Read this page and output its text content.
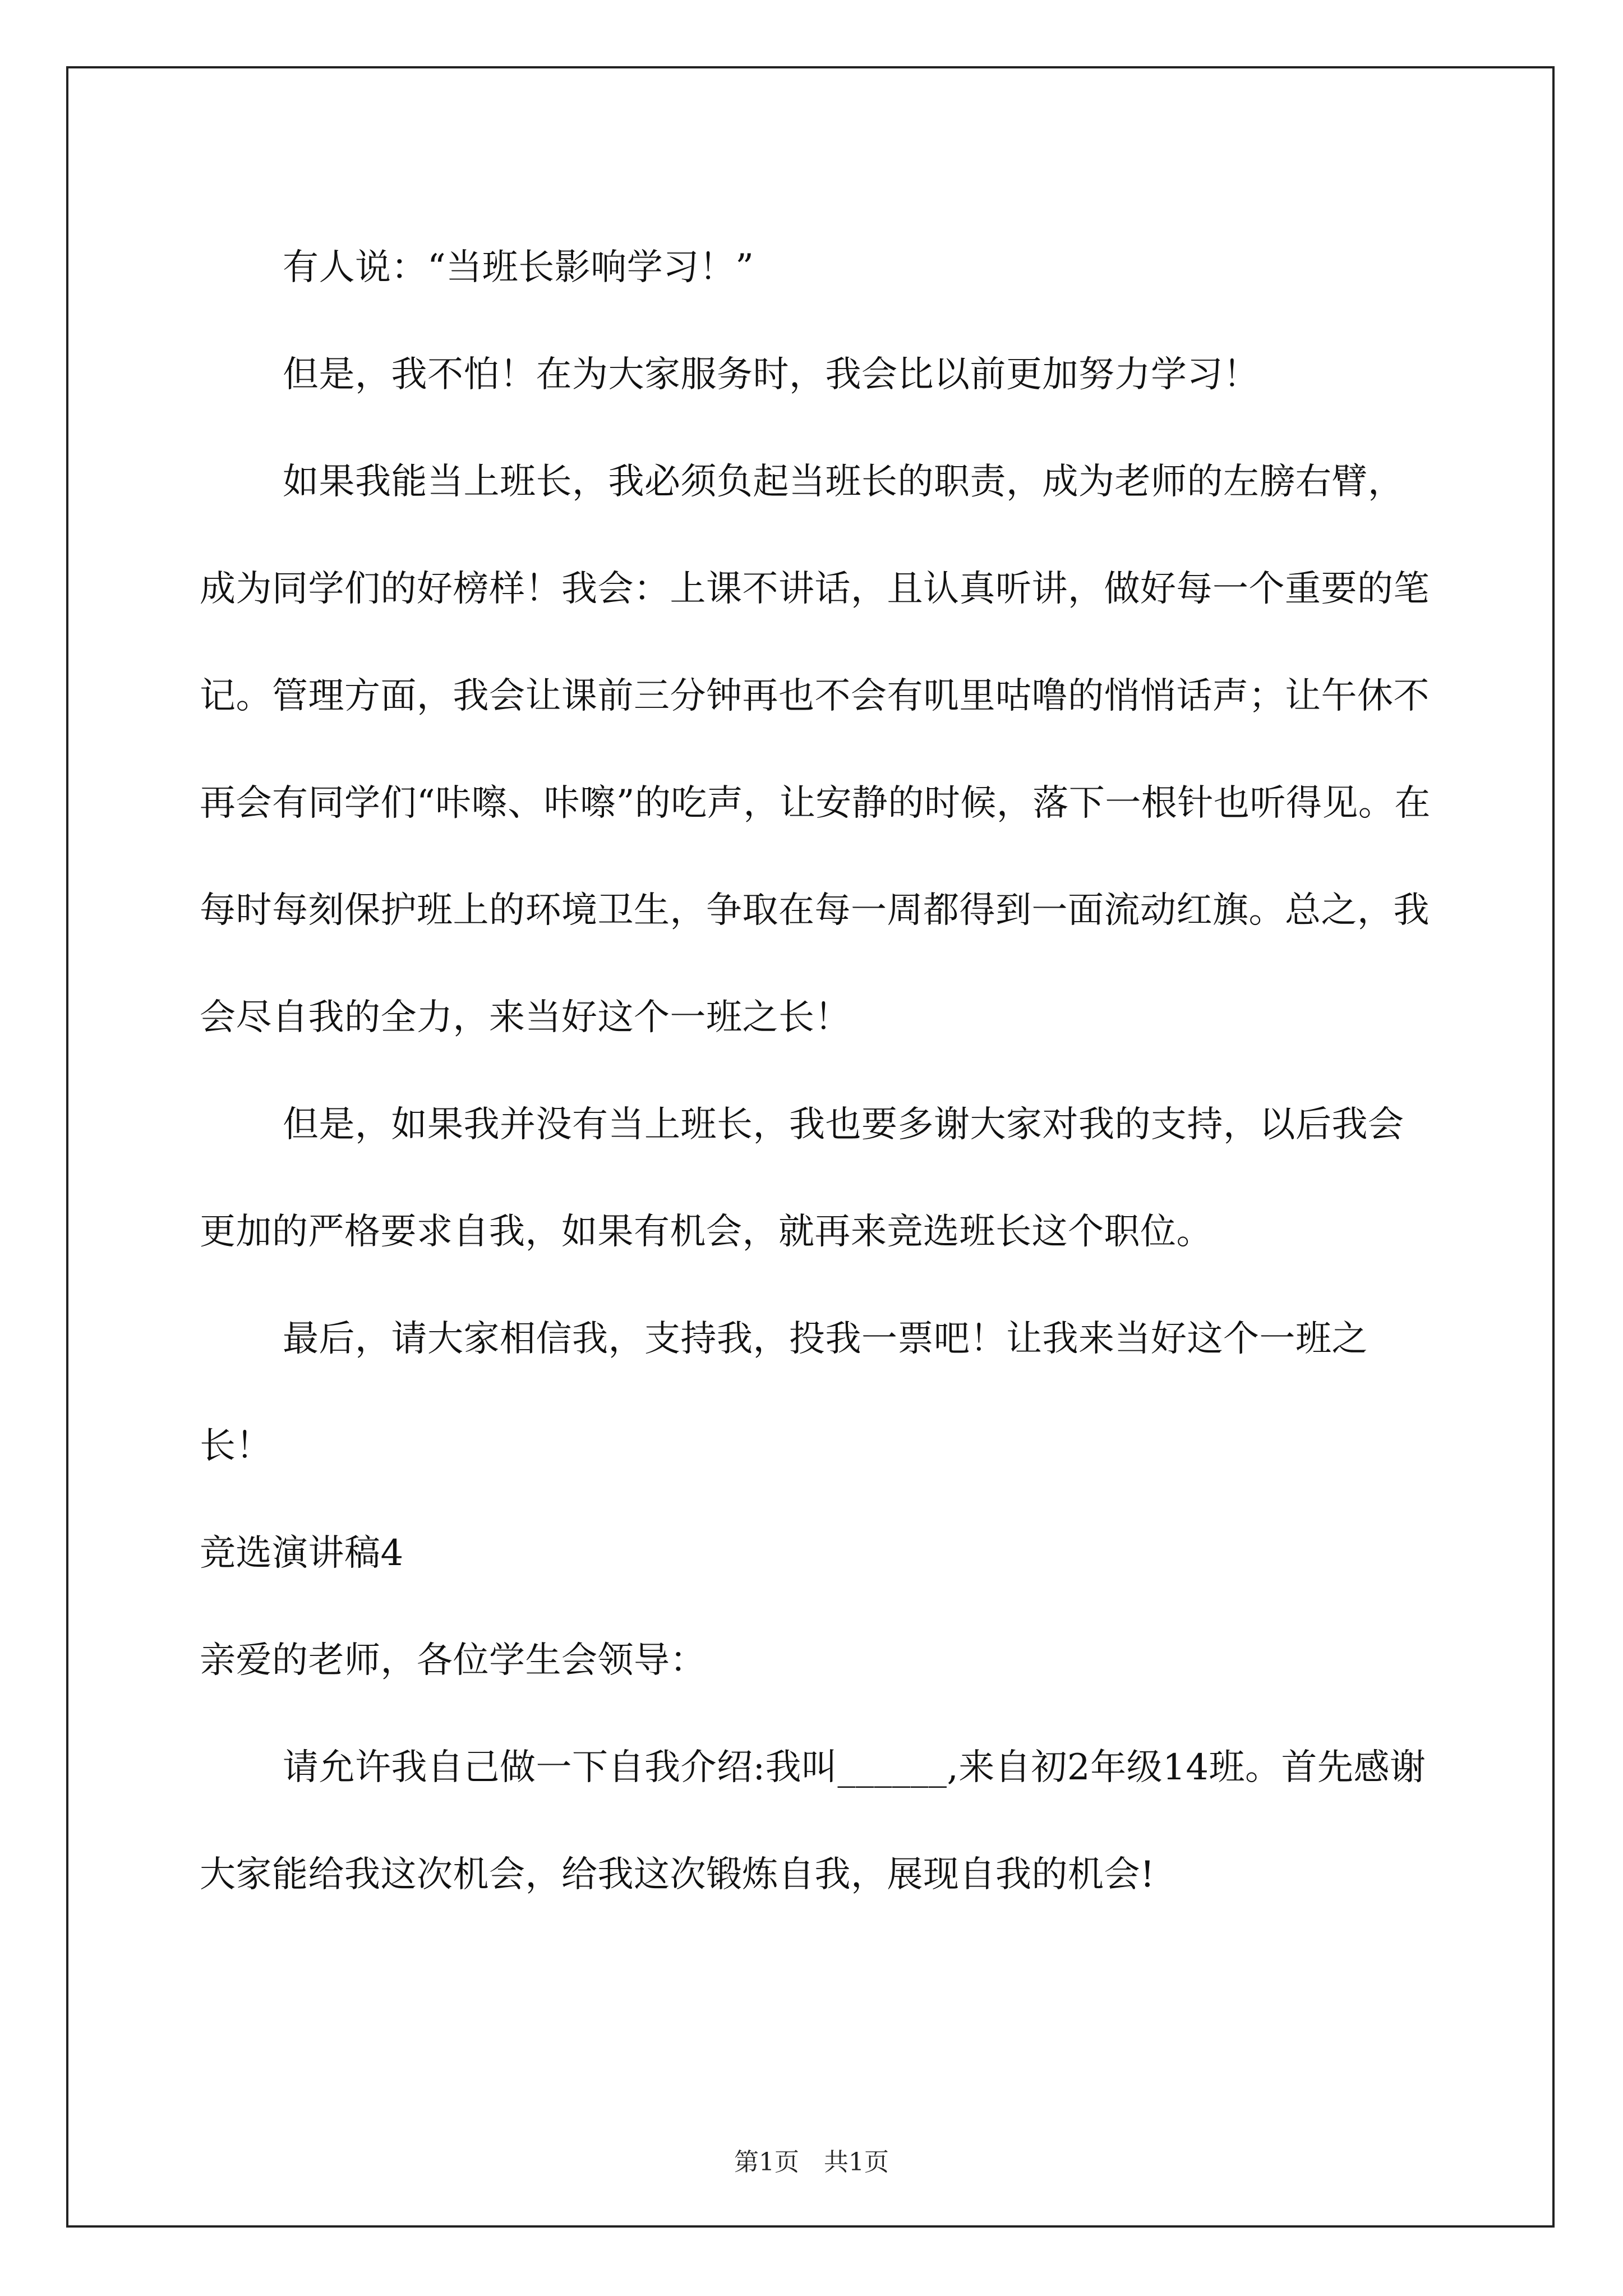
有人说：“当班长影响学习！”

但是，我不怕！在为大家服务时，我会比以前更加努力学习！

如果我能当上班长，我必须负起当班长的职责，成为老师的左膀右臂，成为同学们的好榜样！我会：上课不讲话，且认真听讲，做好每一个重要的笔记。管理方面，我会让课前三分钟再也不会有叽里咕噜的悄悄话声；让午休不再会有同学们“咔嚓、咔嚓”的吃声，让安静的时候，落下一根针也听得见。在每时每刻保护班上的环境卫生，争取在每一周都得到一面流动红旗。总之，我会尽自我的全力，来当好这个一班之长！

但是，如果我并没有当上班长，我也要多谢大家对我的支持，以后我会更加的严格要求自我，如果有机会，就再来竞选班长这个职位。

最后，请大家相信我，支持我，投我一票吧！让我来当好这个一班之长！

竞选演讲稿4

亲爱的老师，各位学生会领导：

请允许我自己做一下自我介绍:我叫______,来自初2年级14班。首先感谢大家能给我这次机会，给我这次锻炼自我，展现自我的机会!

第1页　共1页
